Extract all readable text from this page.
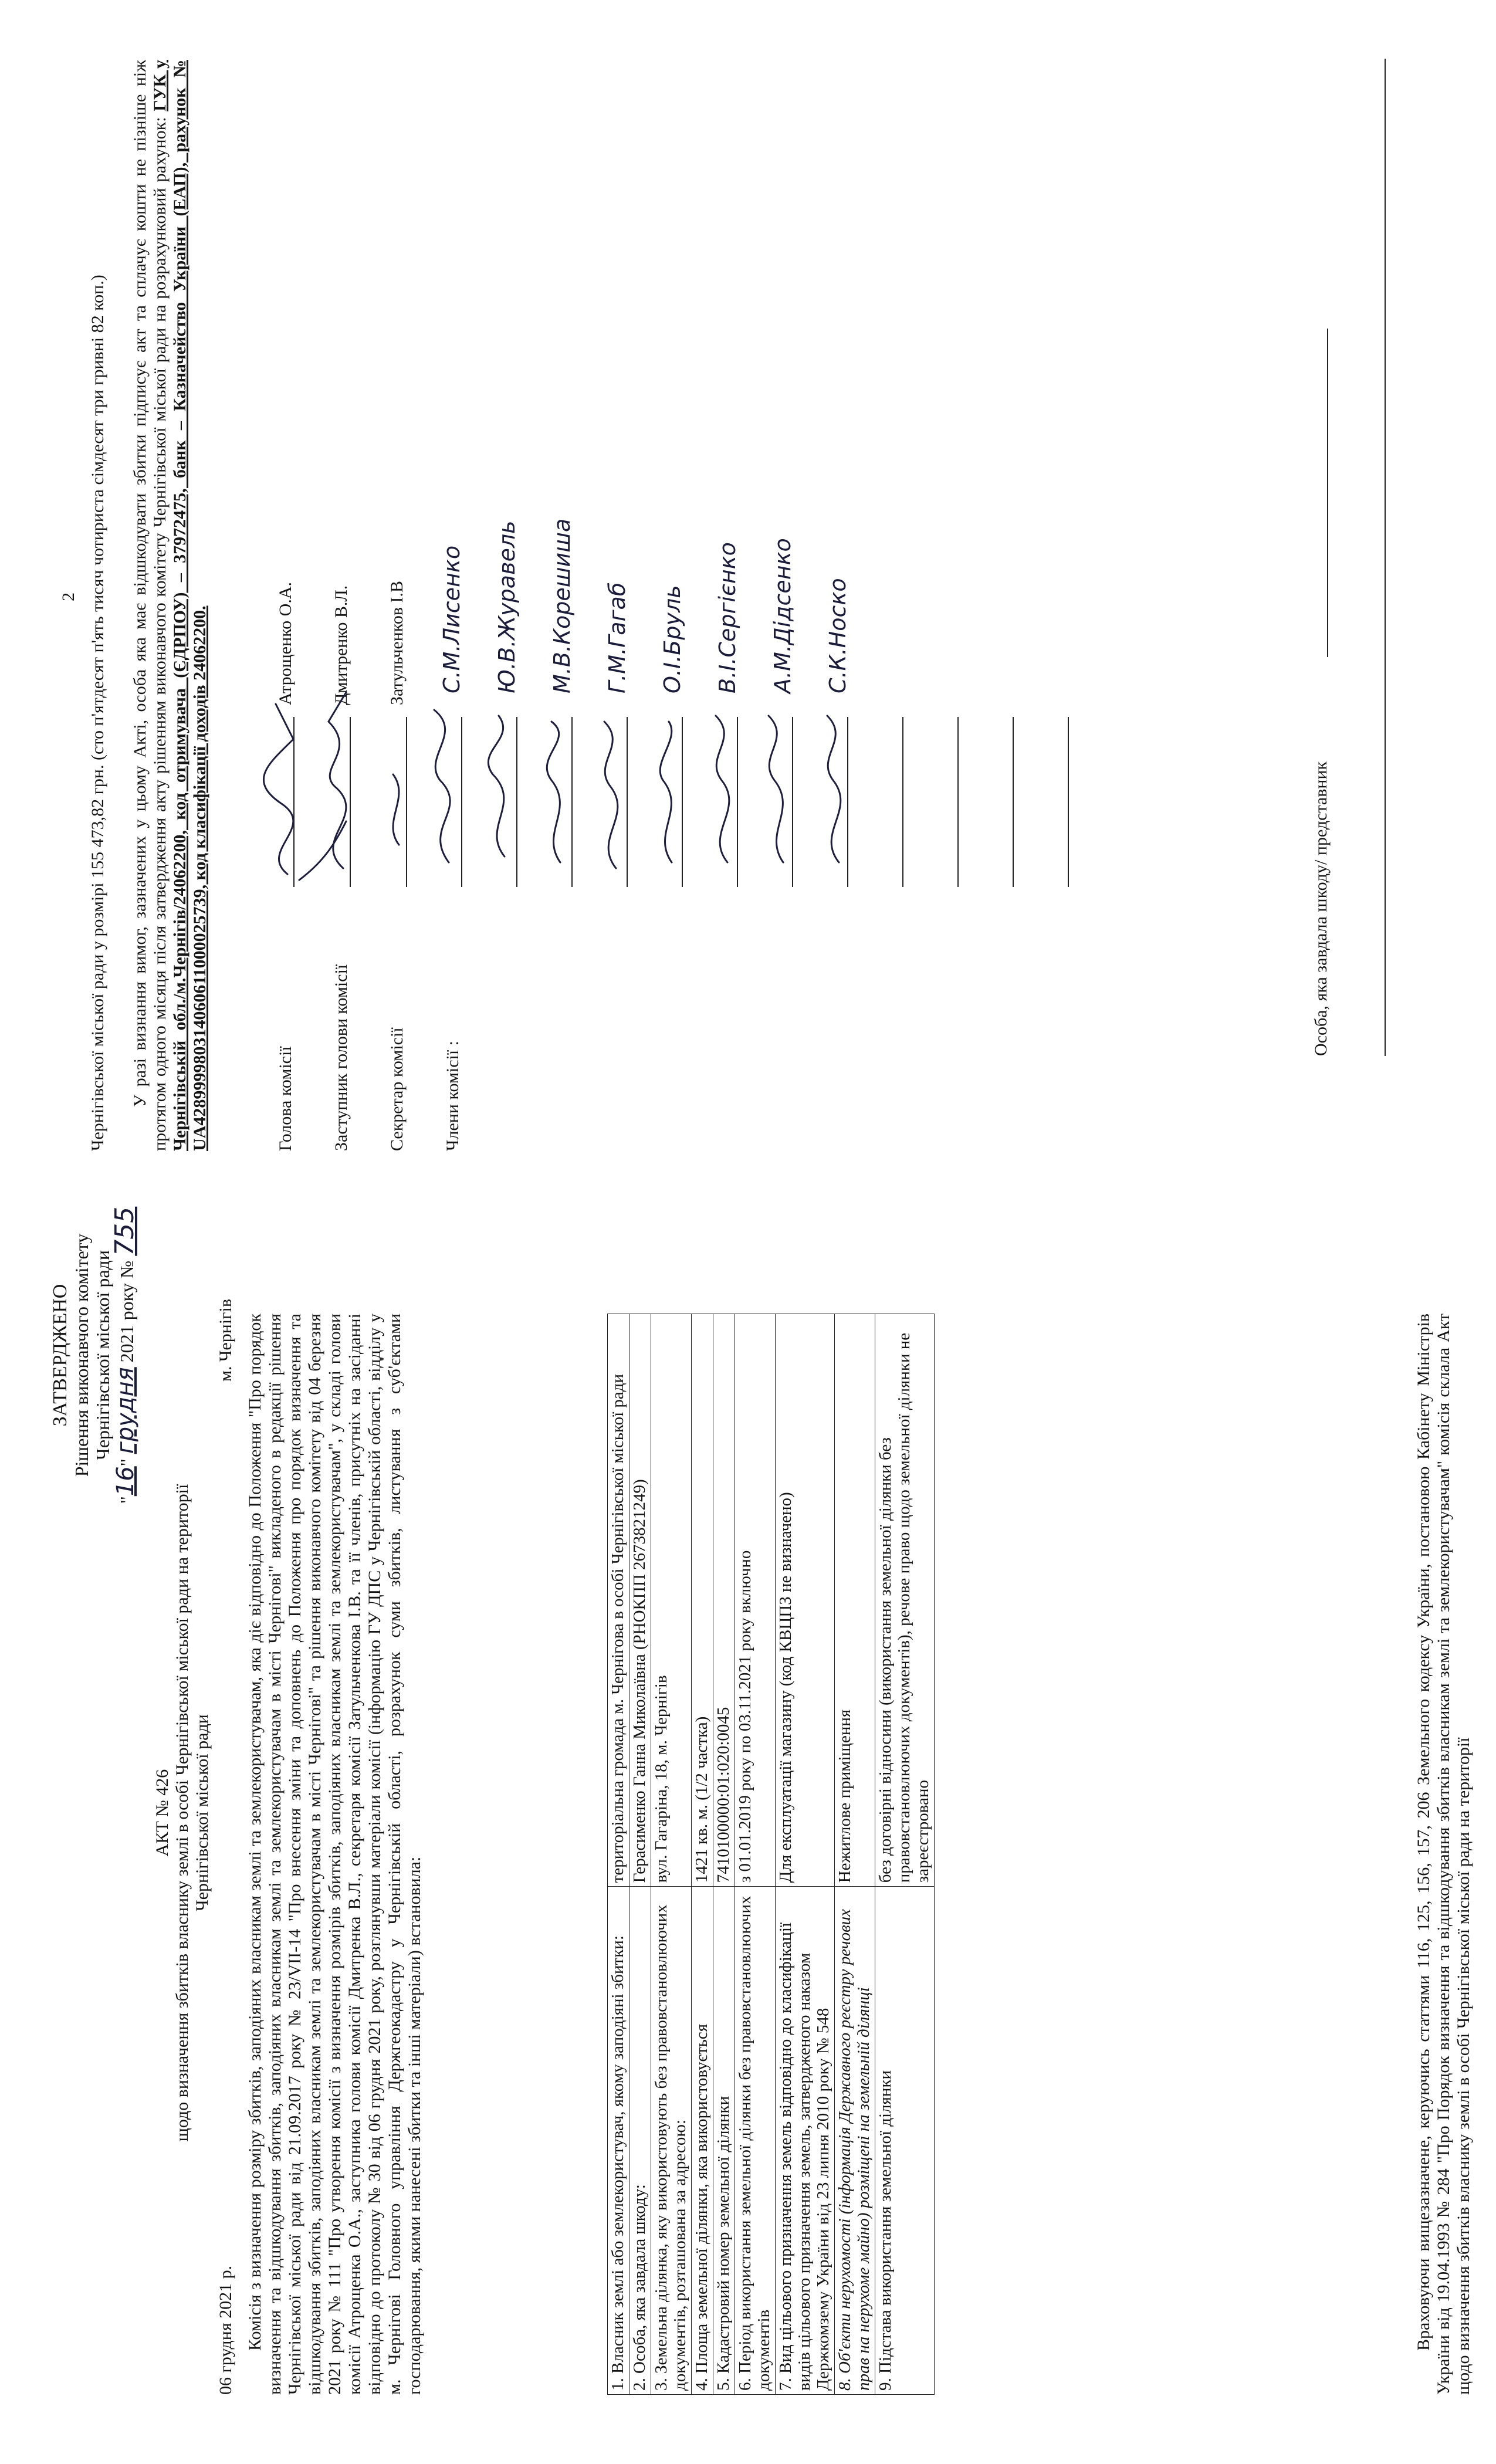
ЗАТВЕРДЖЕНО Рішення виконавчого комітету Чернігівської міської ради
"16" грудня 2021 року № 755
АКТ № 426 щодо визначення збитків власнику землі в особі Чернігівської міської ради на території Чернігівської міської ради
06 грудня 2021 р.
м. Чернігів Комісія з визначення розміру збитків, заподіяних власникам землі та землекористувачам, яка діє відповідно до Положення "Про порядок визначення та відшкодування збитків, заподіяних власникам землі та землекористувачам в місті Чернігові" викладеного в редакції рішення Чернігівської міської ради від 21.09.2017 року № 23/VII-14 "Про внесення зміни та доповнень до Положення про порядок визначення та відшкодування збитків, заподіяних власникам землі та землекористувачам в місті Чернігові" та рішення виконавчого комітету від 04 березня 2021 року № 111 "Про утворення комісії з визначення розмірів збитків, заподіяних власникам землі та землекористувачам", у складі голови комісії Атрощенка О.А., заступника голови комісії Дмитренка В.Л., секретаря комісії Затульченкова І.В. та її членів, присутніх на засіданні відповідно до протоколу № 30 від 06 грудня 2021 року, розглянувши матеріали комісії (інформацію ГУ ДПС у Чернігівській області, відділу у м. Чернігові Головного управління Держгеокадастру у Чернігівській області, розрахунок суми збитків, листування з суб'єктами господарювання, якими нанесені збитки та інші матеріали) встановила:	1. Власник землі або землекористувач, якому заподіяні збитки:	територіальна громада м. Чернігова в особі Чернігівської міської ради
2. Особа, яка завдала шкоду:	Герасименко Ганна Миколаївна (РНОКПП 2673821249)
3. Земельна ділянка, яку використовують без правовстановлюючих документів, розташована за адресою:	вул. Гагаріна, 18, м. Чернігів
4. Площа земельної ділянки, яка використовується	1421 кв. м. (1/2 частка)
5. Кадастровий номер земельної ділянки	7410100000:01:020:0045
6. Період використання земельної ділянки без правовстановлюючих документів	з 01.01.2019 року по 03.11.2021 року включно
7. Вид цільового призначення земель відповідно до класифікації видів цільового призначення земель, затвердженого наказом Держкомзему України від 23 липня 2010 року № 548	Для експлуатації магазину (код КВЦПЗ не визначено)
8. Об'єкти нерухомості (інформація Державного реєстру речових прав на нерухоме майно) розміщені на земельній ділянці	Нежитлове приміщення
9. Підстава використання земельної ділянки	без договірні відносини (використання земельної ділянки без правовстановлюючих документів), речове право щодо земельної ділянки не зареєстровано	Враховуючи вищезазначене, керуючись статтями 116, 125, 156, 157, 206 Земельного кодексу України, постановою Кабінету Міністрів України від 19.04.1993 № 284 "Про Порядок визначення та відшкодування збитків власникам землі та землекористувачам" комісія склала Акт щодо визначення збитків власнику землі в особі Чернігівської міської ради на території

2 Чернігівської міської ради у розмірі 155 473,82 грн. (сто п'ятдесят п'ять тисяч чотириста сімдесят три гривні 82 коп.) У разі визнання вимог, зазначених у цьому Акті, особа яка має відшкодувати збитки підписує акт та сплачує кошти не пізніше ніж протягом одного місяця після затвердження акту рішенням виконавчого комітету Чернігівської міської ради на розрахунковий рахунок: ГУК у Чернігівській обл./м.Чернігів/24062200, код отримувача (ЄДРПОУ) – 37972475, банк – Казначейство України (ЕАП), рахунок № UA428999980314060611000025739, код класифікації доходів 24062200.	Голова комісії
Атрощенко О.А.
Заступник голови комісії
Дмитренко В.Л.
Секретар комісії
Затульченков І.В
Члени комісії :
С.М.Лисенко Ю.В.Журавель М.В.Корешиша Г.М.Гагаб О.І.Бруль В.І.Сергієнко А.М.Дідсенко С.К.Носко
Особа, яка завдала шкоду/ представник
